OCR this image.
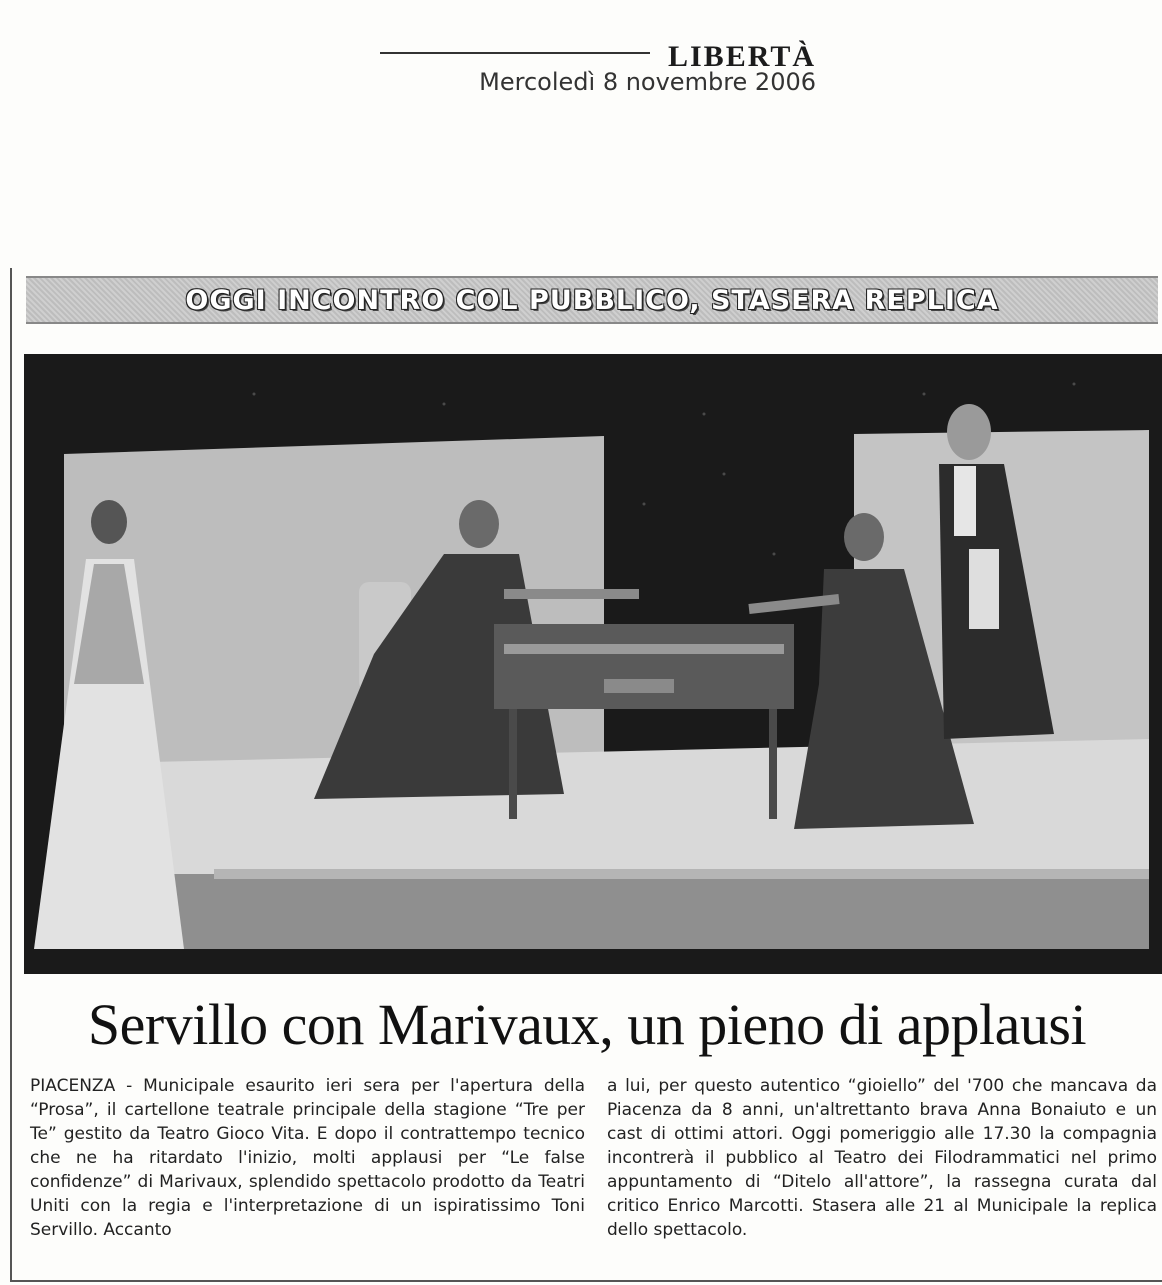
LIBERTÀ

Mercoledì 8 novembre 2006

OGGI INCONTRO COL PUBBLICO, STASERA REPLICA
Servillo con Marivaux, un pieno di applausi

PIACENZA - Municipale esaurito ieri sera per l'apertura della “Prosa”, il cartellone teatrale principale della stagione “Tre per Te” gestito da Teatro Gioco Vita. E dopo il contrattempo tecnico che ne ha ritardato l'inizio, molti applausi per “Le false confidenze” di Marivaux, splendido spettacolo prodotto da Teatri Uniti con la regia e l'interpretazione di un ispiratissimo Toni Servillo. Accanto

a lui, per questo autentico “gioiello” del '700 che mancava da Piacenza da 8 anni, un'altrettanto brava Anna Bonaiuto e un cast di ottimi attori. Oggi pomeriggio alle 17.30 la compagnia incontrerà il pubblico al Teatro dei Filodrammatici nel primo appuntamento di “Ditelo all'attore”, la rassegna curata dal critico Enrico Marcotti. Stasera alle 21 al Municipale la replica dello spettacolo.
